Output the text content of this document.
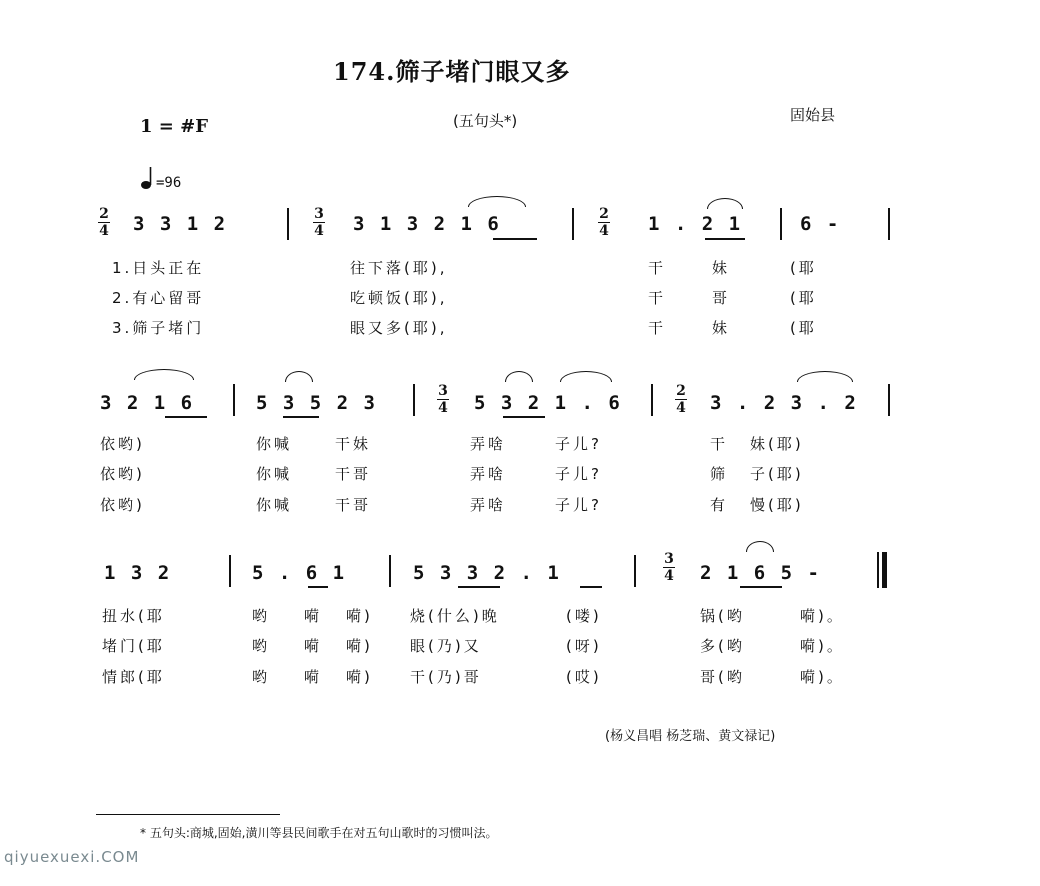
174.筛子堵门眼又多
1 = #F	(五句头*)	固始县
=96
2
4 3 3 1 2	3
4 3 1 3 2 1 6	2
4 1 . 2 1	6 -
1.日头正在	往下落(耶),	干	妹	(耶
2.有心留哥	吃顿饭(耶),	干	哥	(耶
3.筛子堵门	眼又多(耶),	干	妹	(耶
3 2 1 6	5 3 5 2 3
3
4 5 3 2 1 . 6
2
4 3 . 2 3 . 2
依哟)	你喊	干妹	弄啥	子儿?	干 妹(耶)
依哟)	你喊	干哥	弄啥	子儿?	筛 子(耶)
依哟)	你喊	干哥	弄啥	子儿?	有 慢(耶)
1 3 2	5 . 6 1	5 3 3 2 . 1
3
4 2 1 6 5 -
扭水(耶	哟 嗬 嗬) 烧(什么)晚	(喽)	锅(哟	嗬)。
堵门(耶	哟 嗬 嗬) 眼(乃)又	(呀)	多(哟	嗬)。
情郎(耶	哟 嗬 嗬) 干(乃)哥	(哎)	哥(哟	嗬)。
(杨义昌唱 杨芝瑞、黄文禄记)
* 五句头:商城,固始,潢川等县民间歌手在对五句山歌时的习惯叫法。
qiyuexuexi.COM
